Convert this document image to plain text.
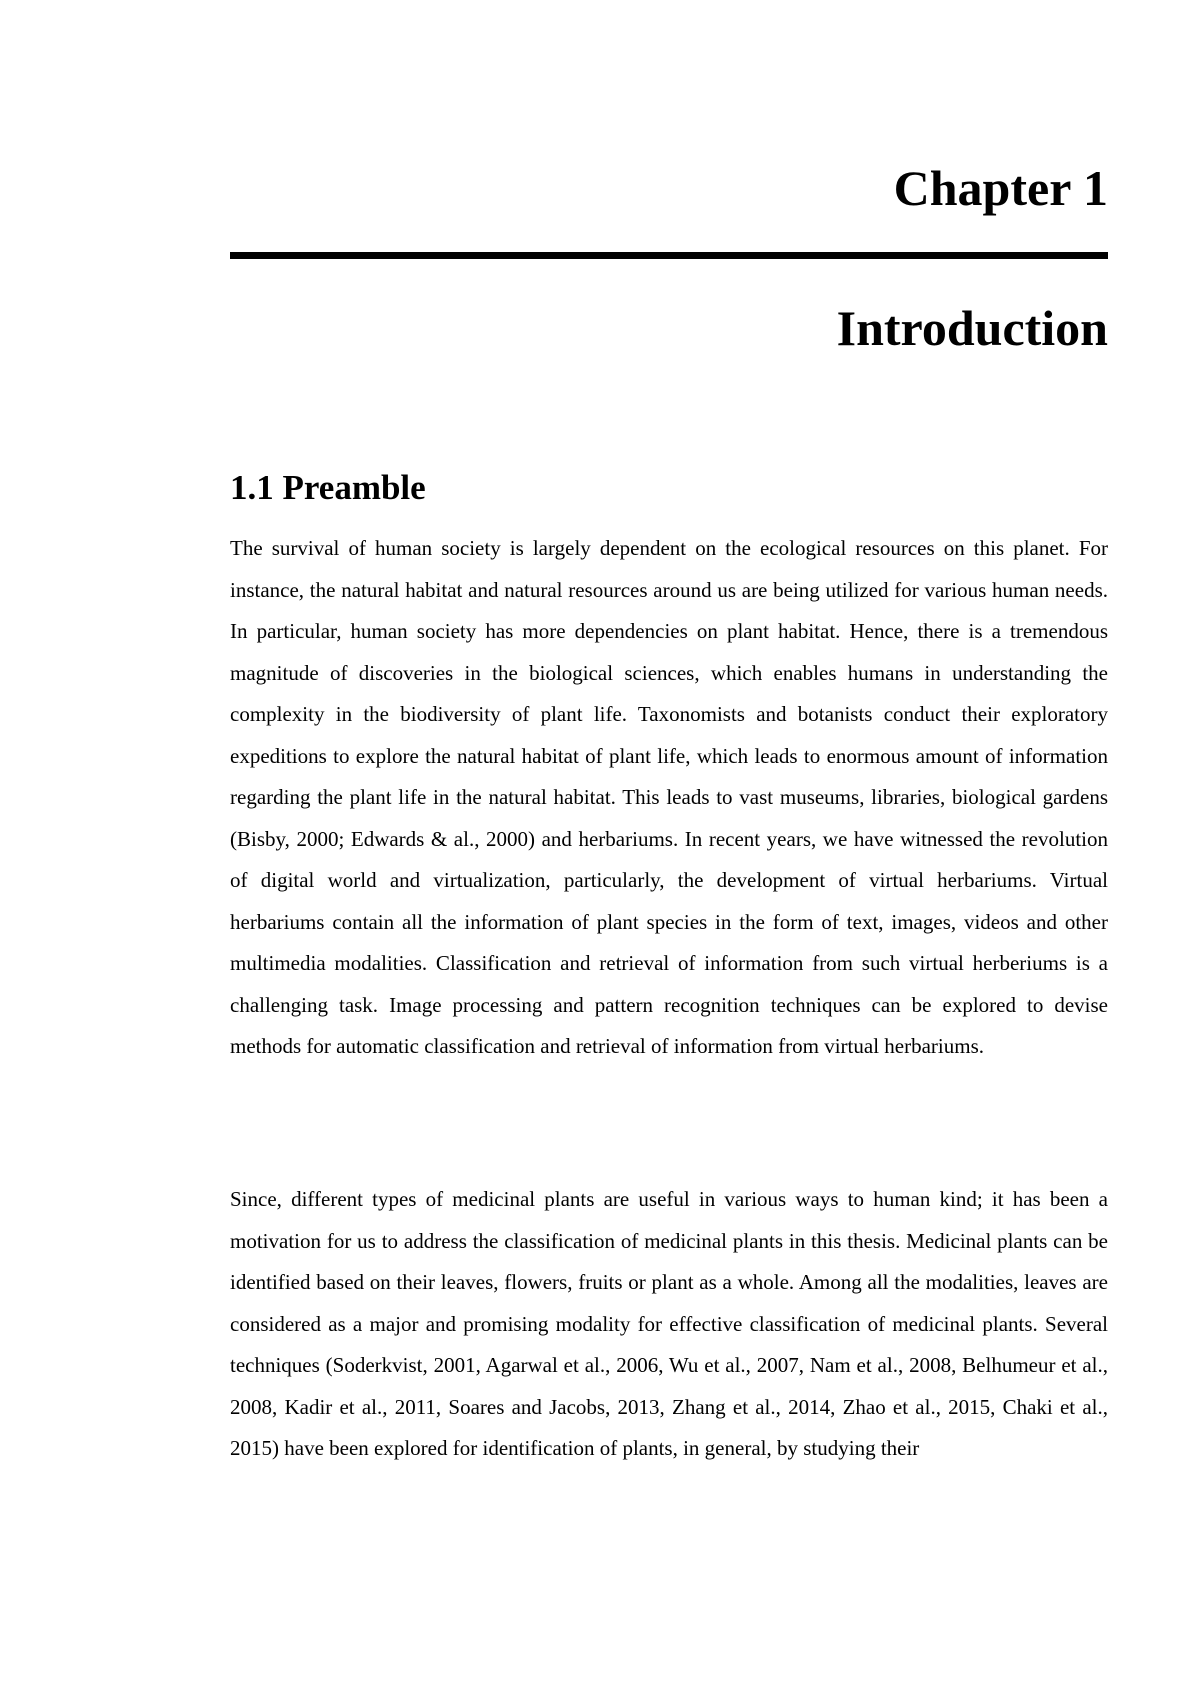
Chapter 1
Introduction
1.1 Preamble

The survival of human society is largely dependent on the ecological resources on this planet. For instance, the natural habitat and natural resources around us are being utilized for various human needs. In particular, human society has more dependencies on plant habitat. Hence, there is a tremendous magnitude of discoveries in the biological sciences, which enables humans in understanding the complexity in the biodiversity of plant life. Taxonomists and botanists conduct their exploratory expeditions to explore the natural habitat of plant life, which leads to enormous amount of information regarding the plant life in the natural habitat. This leads to vast museums, libraries, biological gardens (Bisby, 2000; Edwards & al., 2000) and herbariums. In recent years, we have witnessed the revolution of digital world and virtualization, particularly, the development of virtual herbariums. Virtual herbariums contain all the information of plant species in the form of text, images, videos and other multimedia modalities. Classification and retrieval of information from such virtual herberiums is a challenging task. Image processing and pattern recognition techniques can be explored to devise methods for automatic classification and retrieval of information from virtual herbariums.

Since, different types of medicinal plants are useful in various ways to human kind; it has been a motivation for us to address the classification of medicinal plants in this thesis. Medicinal plants can be identified based on their leaves, flowers, fruits or plant as a whole. Among all the modalities, leaves are considered as a major and promising modality for effective classification of medicinal plants. Several techniques (Soderkvist, 2001, Agarwal et al., 2006, Wu et al., 2007, Nam et al., 2008, Belhumeur et al., 2008, Kadir et al., 2011, Soares and Jacobs, 2013, Zhang et al., 2014, Zhao et al., 2015, Chaki et al., 2015) have been explored for identification of plants, in general, by studying their
